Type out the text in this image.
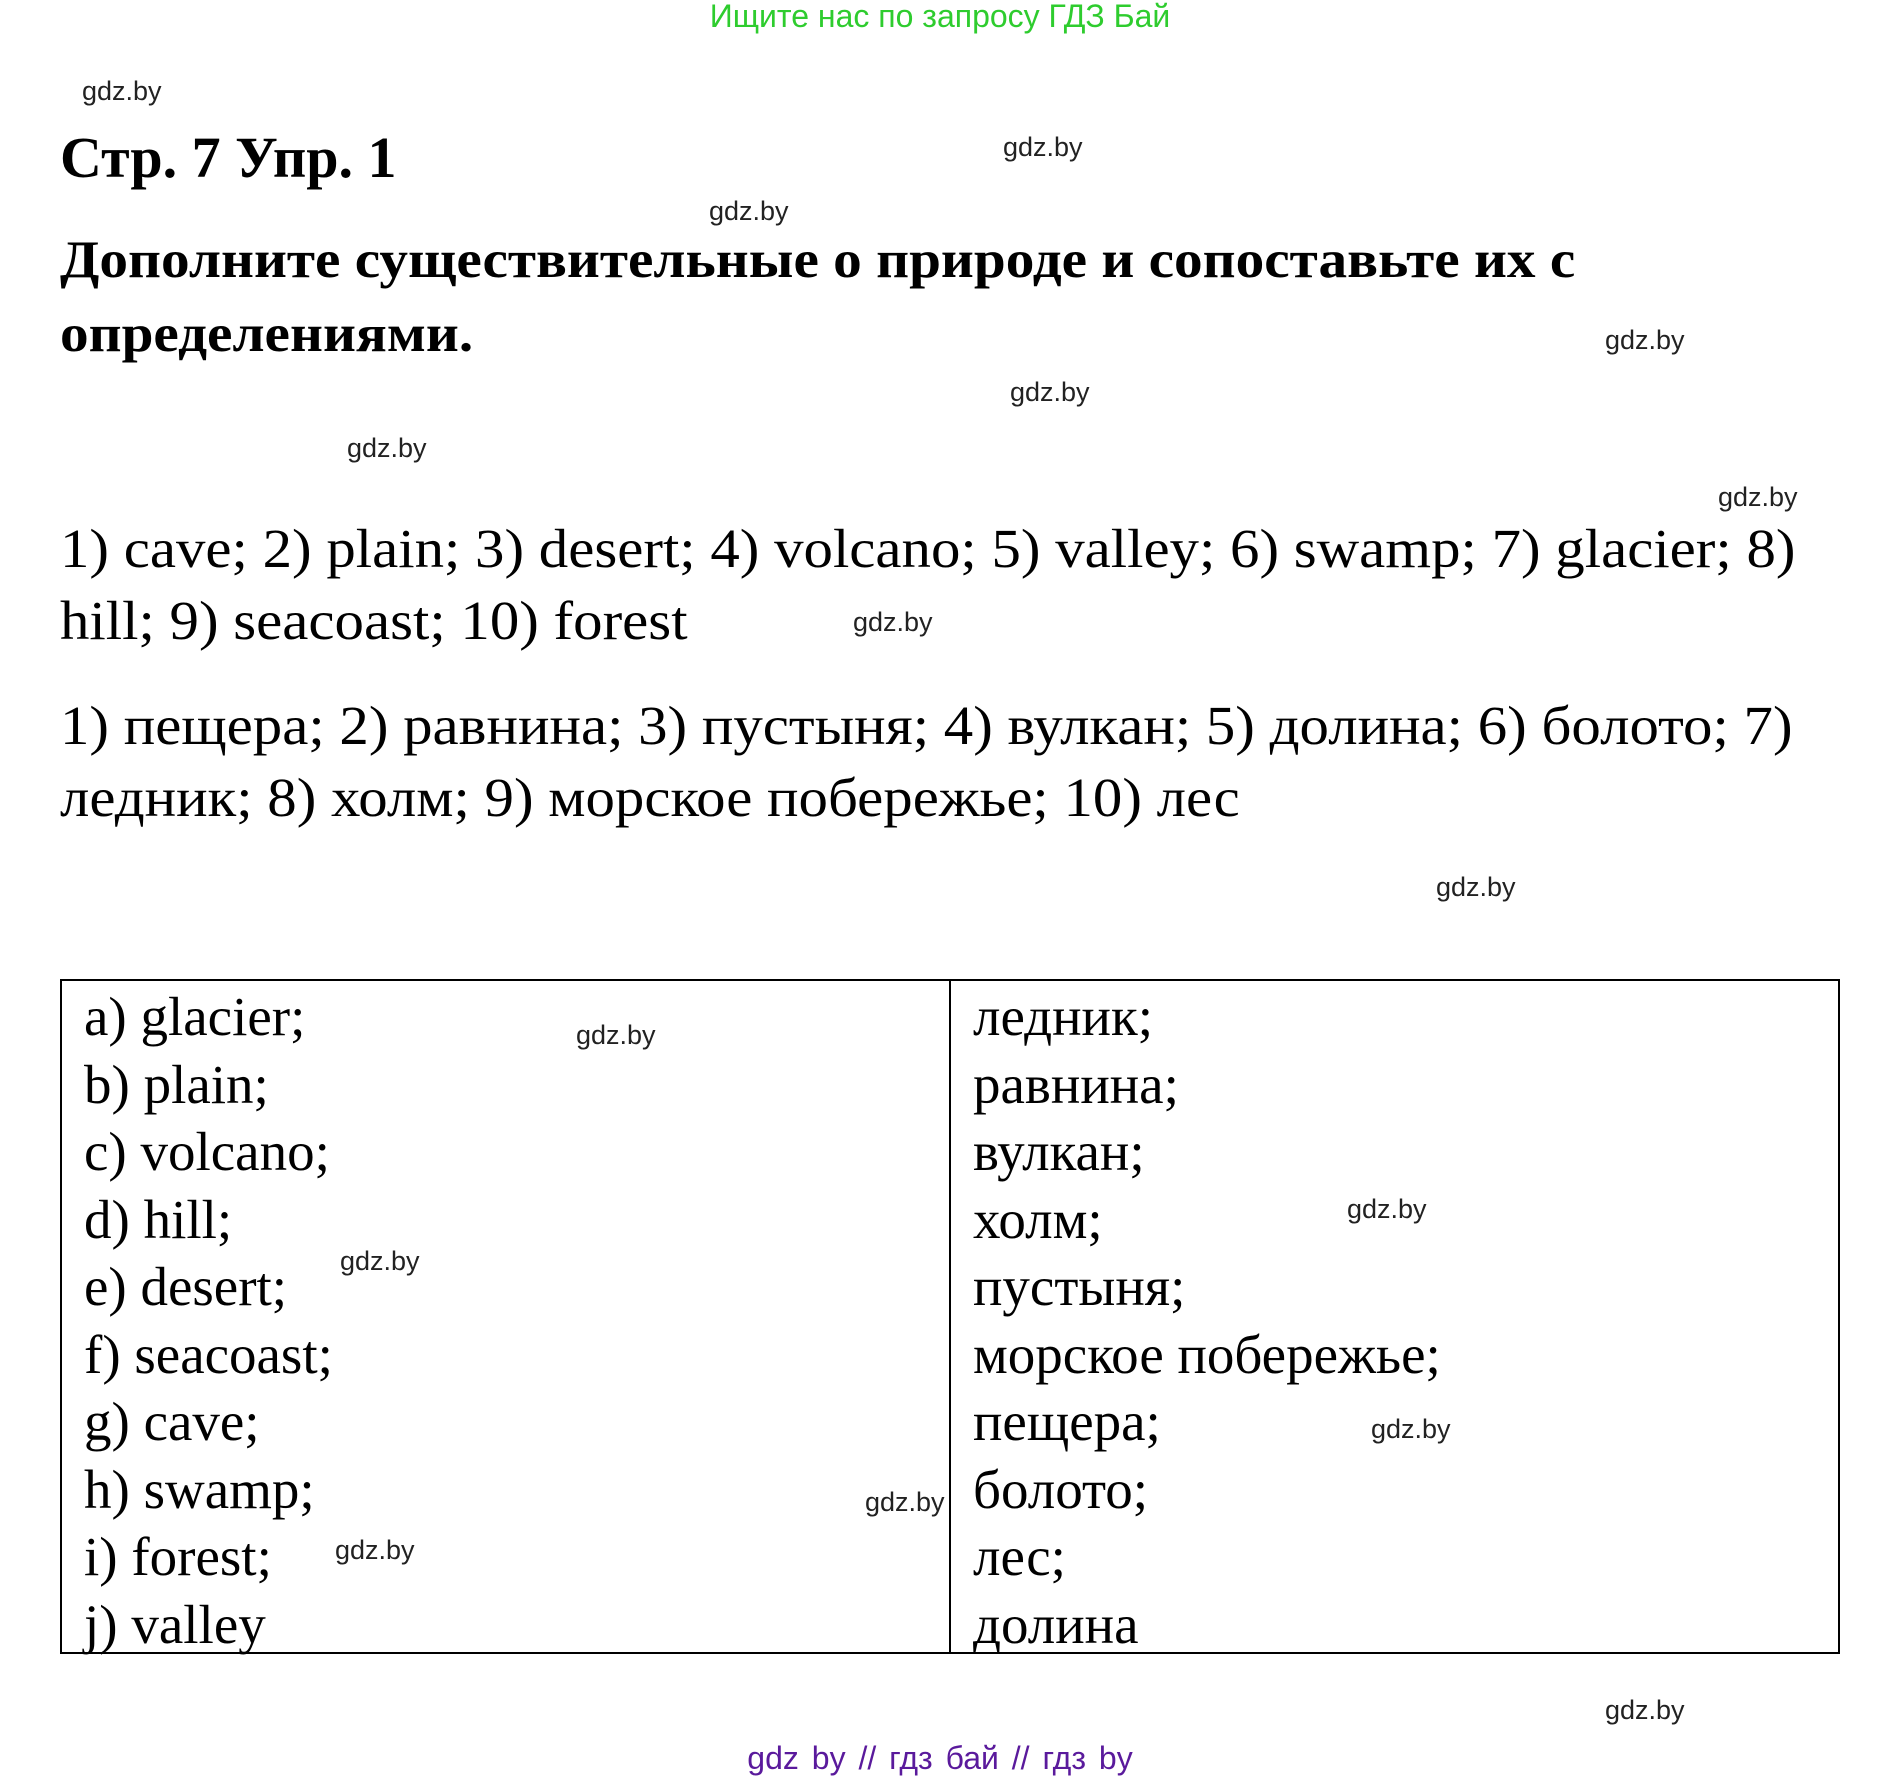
Ищите нас по запросу ГДЗ Бай
Стр. 7 Упр. 1
Дополните существительные о природе и сопоставьте их с
определениями.
1) cave; 2) plain; 3) desert; 4) volcano; 5) valley; 6) swamp; 7) glacier; 8)
hill; 9) seacoast; 10) forest
1) пещера; 2) равнина; 3) пустыня; 4) вулкан; 5) долина; 6) болото; 7)
ледник; 8) холм; 9) морское побережье; 10) лес
a) glacier;
b) plain;
c) volcano;
d) hill;
e) desert;
f) seacoast;
g) cave;
h) swamp;
i) forest;
j) valley
ледник;
равнина;
вулкан;
холм;
пустыня;
морское побережье;
пещера;
болото;
лес;
долина
gdz.by
gdz.by
gdz.by
gdz.by
gdz.by
gdz.by
gdz.by
gdz.by
gdz.by
gdz.by
gdz.by
gdz.by
gdz.by
gdz.by
gdz.by
gdz.by
gdz by // гдз бай // гдз by
